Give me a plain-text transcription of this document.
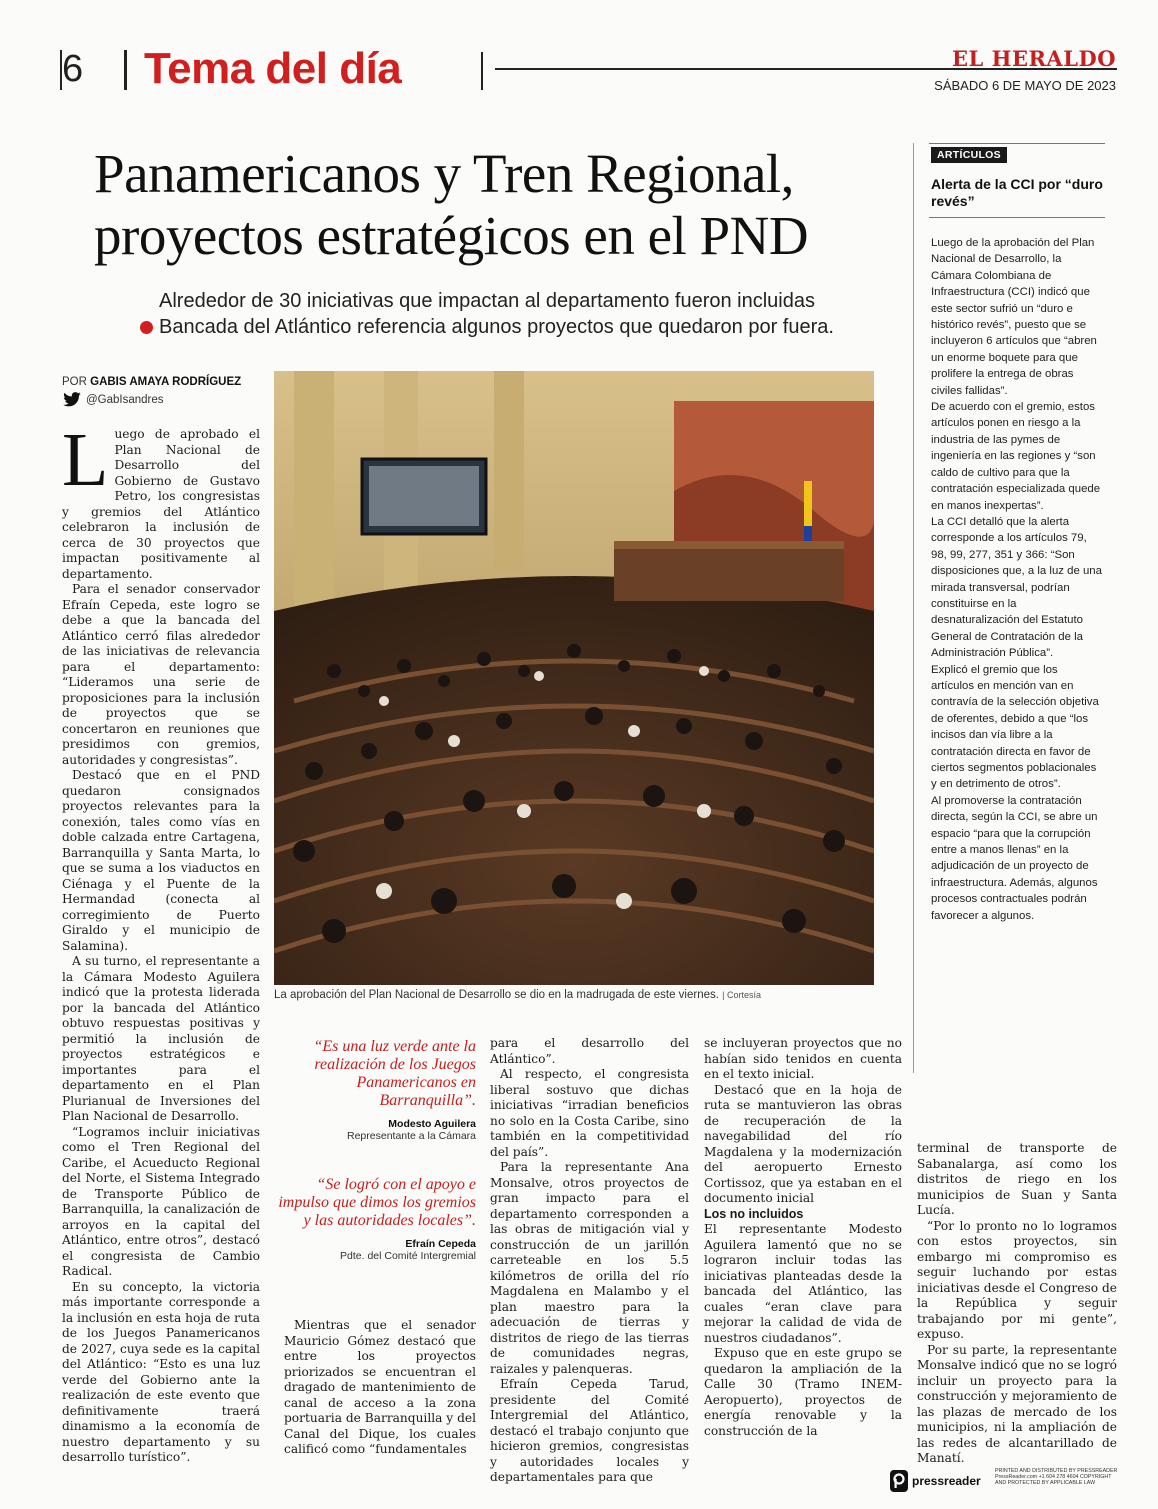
6 Tema del día	EL HERALDO
SÁBADO 6 DE MAYO DE 2023
Panamericanos y Tren Regional, proyectos estratégicos en el PND
Alrededor de 30 iniciativas que impactan al departamento fueron incluidas
Bancada del Atlántico referencia algunos proyectos que quedaron por fuera.
POR GABIS AMAYA RODRÍGUEZ
@GabIsandres
L uego de aprobado el Plan Nacional de Desarrollo del Gobierno de Gustavo Petro, los congresistas y gremios del Atlántico celebraron la inclusión de cerca de 30 proyectos que impactan positivamente al departamento.

Para el senador conservador Efraín Cepeda, este logro se debe a que la bancada del Atlántico cerró filas alrededor de las iniciativas de relevancia para el departamento: “Lideramos una serie de proposiciones para la inclusión de proyectos que se concertaron en reuniones que presidimos con gremios, autoridades y congresistas”.

Destacó que en el PND quedaron consignados proyectos relevantes para la conexión, tales como vías en doble calzada entre Cartagena, Barranquilla y Santa Marta, lo que se suma a los viaductos en Ciénaga y el Puente de la Hermandad (conecta al corregimiento de Puerto Giraldo y el municipio de Salamina).

A su turno, el representante a la Cámara Modesto Aguilera indicó que la protesta liderada por la bancada del Atlántico obtuvo respuestas positivas y permitió la inclusión de proyectos estratégicos e importantes para el departamento en el Plan Plurianual de Inversiones del Plan Nacional de Desarrollo.

“Logramos incluir iniciativas como el Tren Regional del Caribe, el Acueducto Regional del Norte, el Sistema Integrado de Transporte Público de Barranquilla, la canalización de arroyos en la capital del Atlántico, entre otros”, destacó el congresista de Cambio Radical.

En su concepto, la victoria más importante corresponde a la inclusión en esta hoja de ruta de los Juegos Panamericanos de 2027, cuya sede es la capital del Atlántico: “Esto es una luz verde del Gobierno ante la realización de este evento que definitivamente traerá dinamismo a la economía de nuestro departamento y su desarrollo turístico”.

La aprobación del Plan Nacional de Desarrollo se dio en la madrugada de este viernes. | Cortesía
“Es una luz verde ante la realización de los Juegos Panamericanos en Barranquilla”.
Modesto Aguilera
Representante a la Cámara
“Se logró con el apoyo e impulso que dimos los gremios y las autoridades locales”.
Efraín Cepeda
Pdte. del Comité Intergremial

Mientras que el senador Mauricio Gómez destacó que entre los proyectos priorizados se encuentran el dragado de mantenimiento de canal de acceso a la zona portuaria de Barranquilla y del Canal del Dique, los cuales calificó como “fundamentales

para el desarrollo del Atlántico”.

Al respecto, el congresista liberal sostuvo que dichas iniciativas “irradian beneficios no solo en la Costa Caribe, sino también en la competitividad del país”.

Para la representante Ana Monsalve, otros proyectos de gran impacto para el departamento corresponden a las obras de mitigación vial y construcción de un jarillón carreteable en los 5.5 kilómetros de orilla del río Magdalena en Malambo y el plan maestro para la adecuación de tierras y distritos de riego de las tierras de comunidades negras, raizales y palenqueras.

Efraín Cepeda Tarud, presidente del Comité Intergremial del Atlántico, destacó el trabajo conjunto que hicieron gremios, congresistas y autoridades locales y departamentales para que

se incluyeran proyectos que no habían sido tenidos en cuenta en el texto inicial.

Destacó que en la hoja de ruta se mantuvieron las obras de recuperación de la navegabilidad del río Magdalena y la modernización del aeropuerto Ernesto Cortissoz, que ya estaban en el documento inicial

Los no incluidos

El representante Modesto Aguilera lamentó que no se lograron incluir todas las iniciativas planteadas desde la bancada del Atlántico, las cuales “eran clave para mejorar la calidad de vida de nuestros ciudadanos”.

Expuso que en este grupo se quedaron la ampliación de la Calle 30 (Tramo INEM-Aeropuerto), proyectos de energía renovable y la construcción de la

terminal de transporte de Sabanalarga, así como los distritos de riego en los municipios de Suan y Santa Lucía.

“Por lo pronto no lo logramos con estos proyectos, sin embargo mi compromiso es seguir luchando por estas iniciativas desde el Congreso de la República y seguir trabajando por mi gente”, expuso.

Por su parte, la representante Monsalve indicó que no se logró incluir un proyecto para la construcción y mejoramiento de las plazas de mercado de los municipios, ni la ampliación de las redes de alcantarillado de Manatí.

ARTÍCULOS
Alerta de la CCI por “duro revés”

Luego de la aprobación del Plan Nacional de Desarrollo, la Cámara Colombiana de Infraestructura (CCI) indicó que este sector sufrió un “duro e histórico revés”, puesto que se incluyeron 6 artículos que “abren un enorme boquete para que prolifere la entrega de obras civiles fallidas”.

De acuerdo con el gremio, estos artículos ponen en riesgo a la industria de las pymes de ingeniería en las regiones y “son caldo de cultivo para que la contratación especializada quede en manos inexpertas”.

La CCI detalló que la alerta corresponde a los artículos 79, 98, 99, 277, 351 y 366: “Son disposiciones que, a la luz de una mirada transversal, podrían constituirse en la desnaturalización del Estatuto General de Contratación de la Administración Pública”.

Explicó el gremio que los artículos en mención van en contravía de la selección objetiva de oferentes, debido a que “los incisos dan vía libre a la contratación directa en favor de ciertos segmentos poblacionales y en detrimento de otros”.

Al promoverse la contratación directa, según la CCI, se abre un espacio “para que la corrupción entre a manos llenas” en la adjudicación de un proyecto de infraestructura. Además, algunos procesos contractuales podrán favorecer a algunos.

pressreader
PRINTED AND DISTRIBUTED BY PRESSREADER PressReader.com +1 604 278 4604 COPYRIGHT AND PROTECTED BY APPLICABLE LAW
